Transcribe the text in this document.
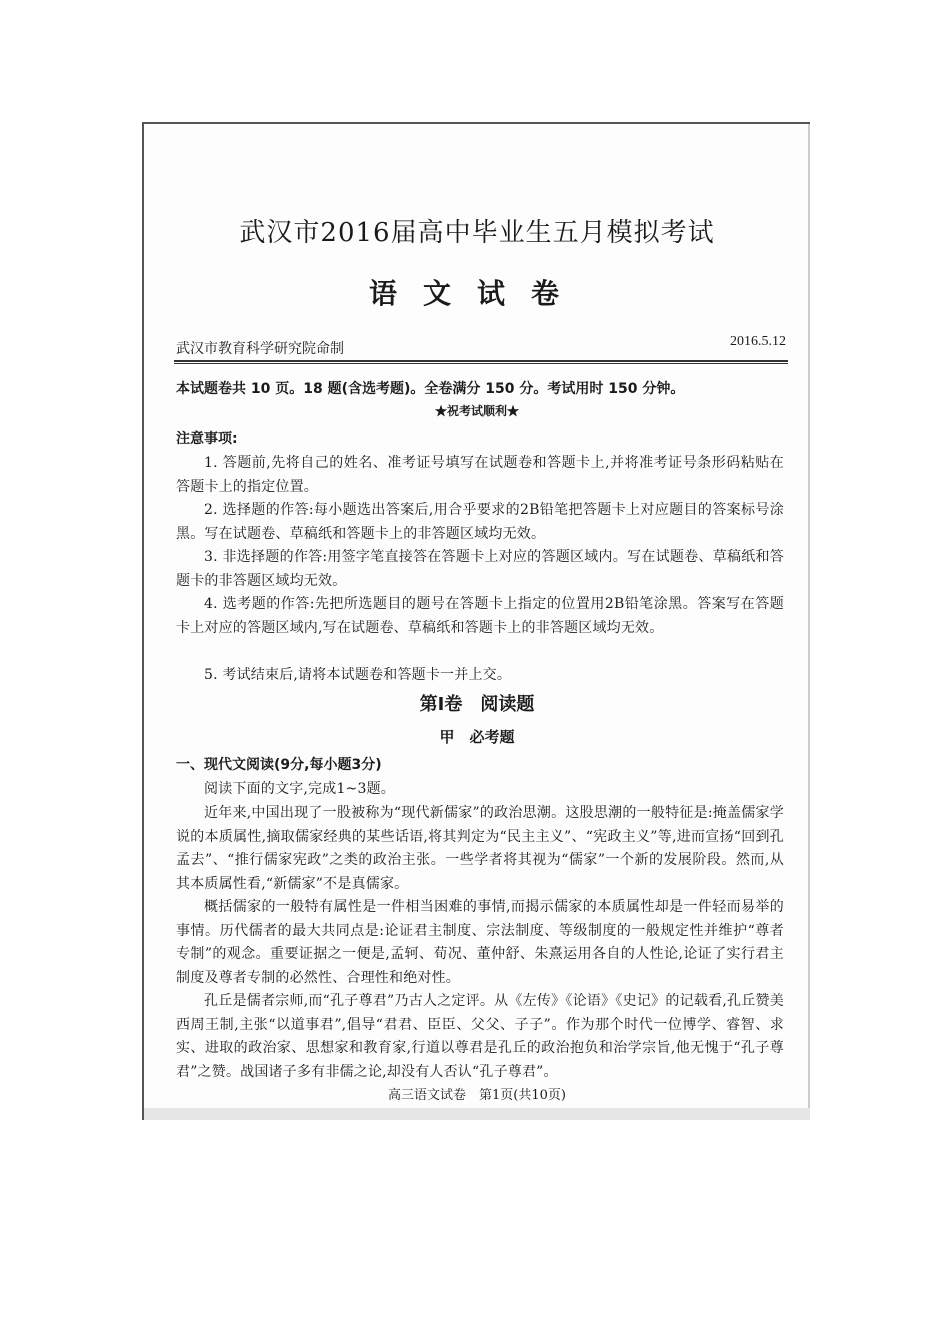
武汉市2016届高中毕业生五月模拟考试
语文试卷
武汉市教育科学研究院命制	2016.5.12
本试题卷共 10 页。18 题(含选考题)。全卷满分 150 分。考试用时 150 分钟。
★祝考试顺利★
注意事项:
1. 答题前,先将自己的姓名、准考证号填写在试题卷和答题卡上,并将准考证号条形码粘贴在答题卡上的指定位置。
2. 选择题的作答:每小题选出答案后,用合乎要求的2B铅笔把答题卡上对应题目的答案标号涂黑。写在试题卷、草稿纸和答题卡上的非答题区域均无效。
3. 非选择题的作答:用签字笔直接答在答题卡上对应的答题区域内。写在试题卷、草稿纸和答题卡的非答题区域均无效。
4. 选考题的作答:先把所选题目的题号在答题卡上指定的位置用2B铅笔涂黑。答案写在答题卡上对应的答题区域内,写在试题卷、草稿纸和答题卡上的非答题区域均无效。
5. 考试结束后,请将本试题卷和答题卡一并上交。
第Ⅰ卷　阅读题
甲　必考题
一、现代文阅读(9分,每小题3分)
阅读下面的文字,完成1~3题。
近年来,中国出现了一股被称为“现代新儒家”的政治思潮。这股思潮的一般特征是:掩盖儒家学说的本质属性,摘取儒家经典的某些话语,将其判定为“民主主义”、“宪政主义”等,进而宣扬“回到孔孟去”、“推行儒家宪政”之类的政治主张。一些学者将其视为“儒家”一个新的发展阶段。然而,从其本质属性看,“新儒家”不是真儒家。
概括儒家的一般特有属性是一件相当困难的事情,而揭示儒家的本质属性却是一件轻而易举的事情。历代儒者的最大共同点是:论证君主制度、宗法制度、等级制度的一般规定性并维护“尊者专制”的观念。重要证据之一便是,孟轲、荀况、董仲舒、朱熹运用各自的人性论,论证了实行君主制度及尊者专制的必然性、合理性和绝对性。
孔丘是儒者宗师,而“孔子尊君”乃古人之定评。从《左传》《论语》《史记》的记载看,孔丘赞美西周王制,主张“以道事君”,倡导“君君、臣臣、父父、子子”。作为那个时代一位博学、睿智、求实、进取的政治家、思想家和教育家,行道以尊君是孔丘的政治抱负和治学宗旨,他无愧于“孔子尊君”之赞。战国诸子多有非儒之论,却没有人否认“孔子尊君”。
高三语文试卷　第1页(共10页)
